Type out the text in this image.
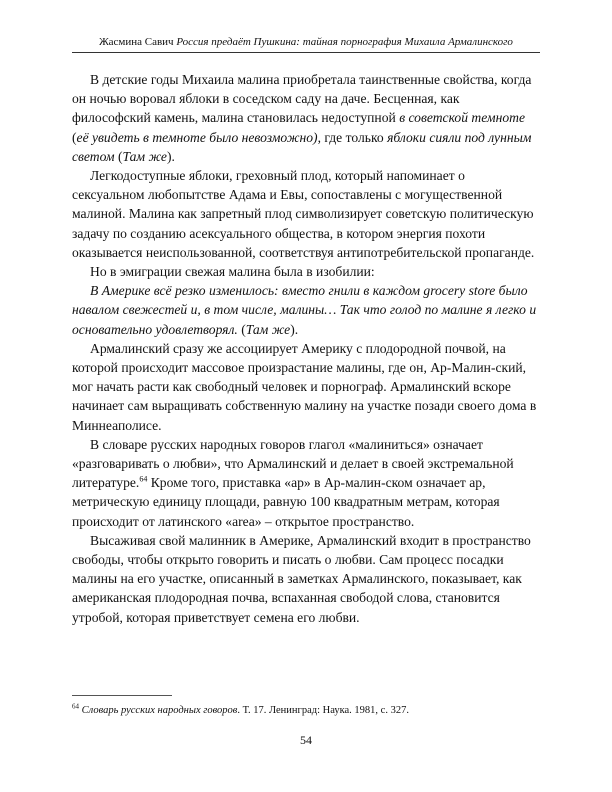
Жасмина Савич Россия предаёт Пушкина: тайная порнография Михаила Армалинского

В детские годы Михаила малина приобретала таинственные свойства, когда он ночью воровал яблоки в соседском саду на даче. Бесценная, как философский камень, малина становилась недоступной в советской темноте (её увидеть в темноте было невозможно), где только яблоки сияли под лунным светом (Там же).

Легкодоступные яблоки, греховный плод, который напоминает о сексуальном любопытстве Адама и Евы, сопоставлены с могущественной малиной. Малина как запретный плод символизирует советскую политическую задачу по созданию асексуального общества, в котором энергия похоти оказывается неиспользованной, соответствуя антипотребительской пропаганде.

Но в эмиграции свежая малина была в изобилии:

В Америке всё резко изменилось: вместо гнили в каждом grocery store было навалом свежестей и, в том числе, малины… Так что голод по малине я легко и основательно удовлетворял. (Там же).

Армалинский сразу же ассоциирует Америку с плодородной почвой, на которой происходит массовое произрастание малины, где он, Ар-Малин-ский, мог начать расти как свободный человек и порнограф. Армалинский вскоре начинает сам выращивать собственную малину на участке позади своего дома в Миннеаполисе.

В словаре русских народных говоров глагол «малиниться» означает «разговаривать о любви», что Армалинский и делает в своей экстремальной литературе.$^{64}$ Кроме того, приставка «ар» в Ар-малин-ском означает ар, метрическую единицу площади, равную 100 квадратным метрам, которая происходит от латинского «area» – открытое пространство.

Высаживая свой малинник в Америке, Армалинский входит в пространство свободы, чтобы открыто говорить и писать о любви. Сам процесс посадки малины на его участке, описанный в заметках Армалинского, показывает, как американская плодородная почва, вспаханная свободой слова, становится утробой, которая приветствует семена его любви.

$^{64}$ Словарь русских народных говоров. Т. 17. Ленинград: Наука. 1981, с. 327.
54
